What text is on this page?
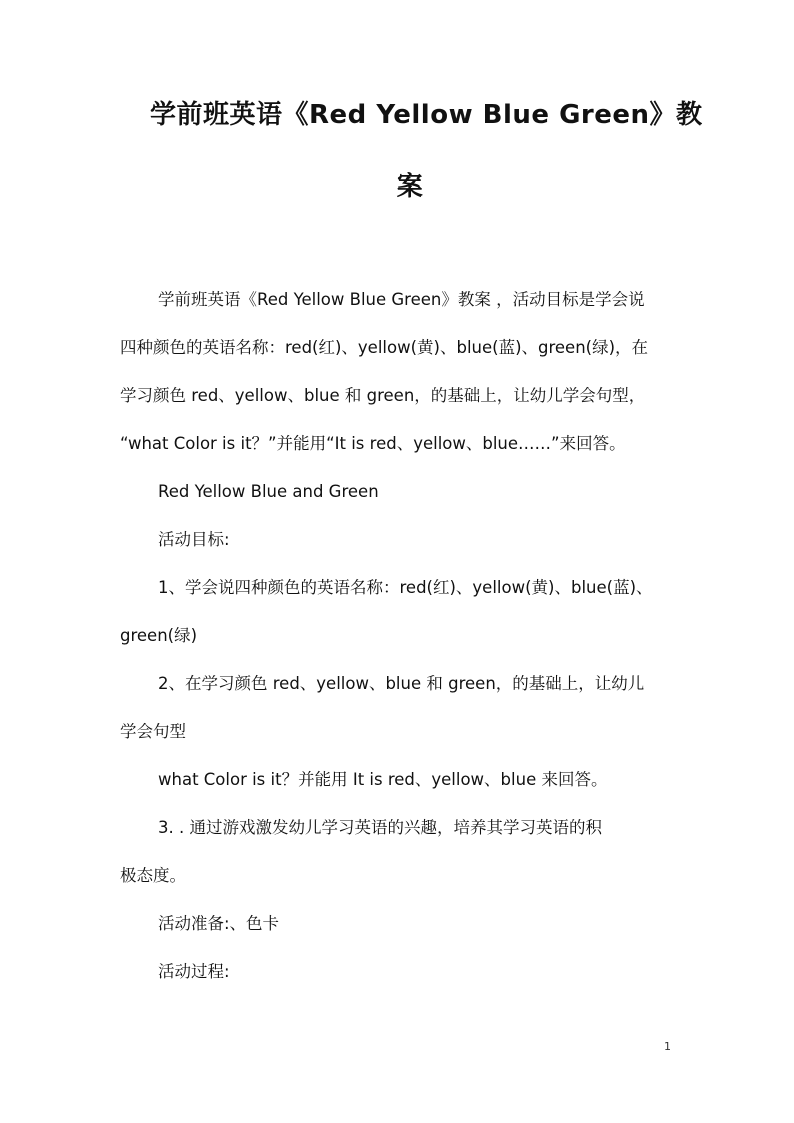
学前班英语《Red Yellow Blue Green》教
案
学前班英语《Red Yellow Blue Green》教案 ，活动目标是学会说
四种颜色的英语名称：red(红)、yellow(黄)、blue(蓝)、green(绿)，在
学习颜色 red、yellow、blue 和 green，的基础上，让幼儿学会句型，
“what Color is it？”并能用“It is red、yellow、blue……”来回答。
Red Yellow Blue and Green
活动目标:
1、学会说四种颜色的英语名称：red(红)、yellow(黄)、blue(蓝)、
green(绿)
2、在学习颜色 red、yellow、blue 和 green，的基础上，让幼儿
学会句型
what Color is it？并能用 It is red、yellow、blue 来回答。
3. . 通过游戏激发幼儿学习英语的兴趣，培养其学习英语的积
极态度。
活动准备:、色卡
活动过程:
1
